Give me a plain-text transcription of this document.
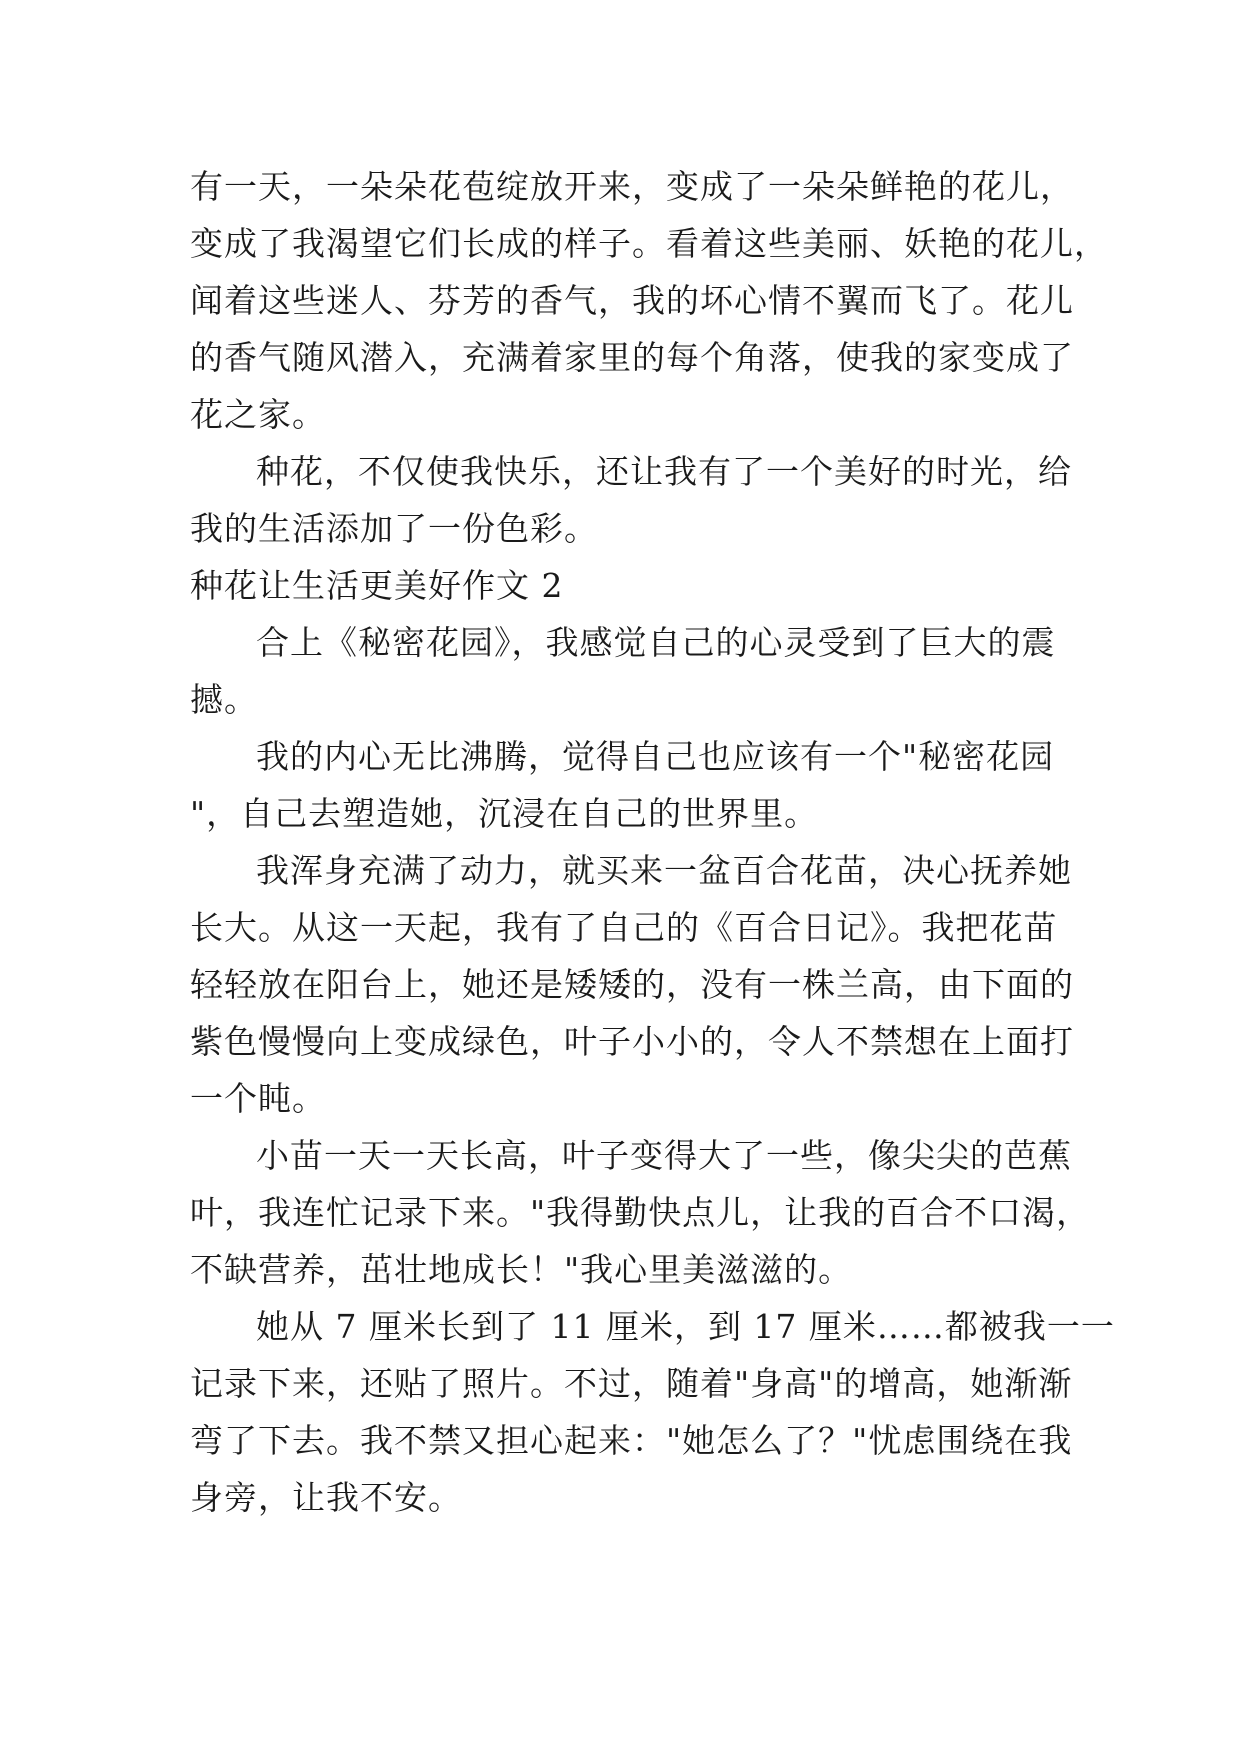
有一天，一朵朵花苞绽放开来，变成了一朵朵鲜艳的花儿，
变成了我渴望它们长成的样子。看着这些美丽、妖艳的花儿，
闻着这些迷人、芬芳的香气，我的坏心情不翼而飞了。花儿
的香气随风潜入，充满着家里的每个角落，使我的家变成了
花之家。
种花，不仅使我快乐，还让我有了一个美好的时光，给
我的生活添加了一份色彩。
种花让生活更美好作文 2
合上《秘密花园》，我感觉自己的心灵受到了巨大的震
撼。
我的内心无比沸腾，觉得自己也应该有一个"秘密花园
"，自己去塑造她，沉浸在自己的世界里。
我浑身充满了动力，就买来一盆百合花苗，决心抚养她
长大。从这一天起，我有了自己的《百合日记》。我把花苗
轻轻放在阳台上，她还是矮矮的，没有一株兰高，由下面的
紫色慢慢向上变成绿色，叶子小小的，令人不禁想在上面打
一个盹。
小苗一天一天长高，叶子变得大了一些，像尖尖的芭蕉
叶，我连忙记录下来。"我得勤快点儿，让我的百合不口渴，
不缺营养，茁壮地成长！"我心里美滋滋的。
她从 7 厘米长到了 11 厘米，到 17 厘米……都被我一一
记录下来，还贴了照片。不过，随着"身高"的增高，她渐渐
弯了下去。我不禁又担心起来："她怎么了？"忧虑围绕在我
身旁，让我不安。
